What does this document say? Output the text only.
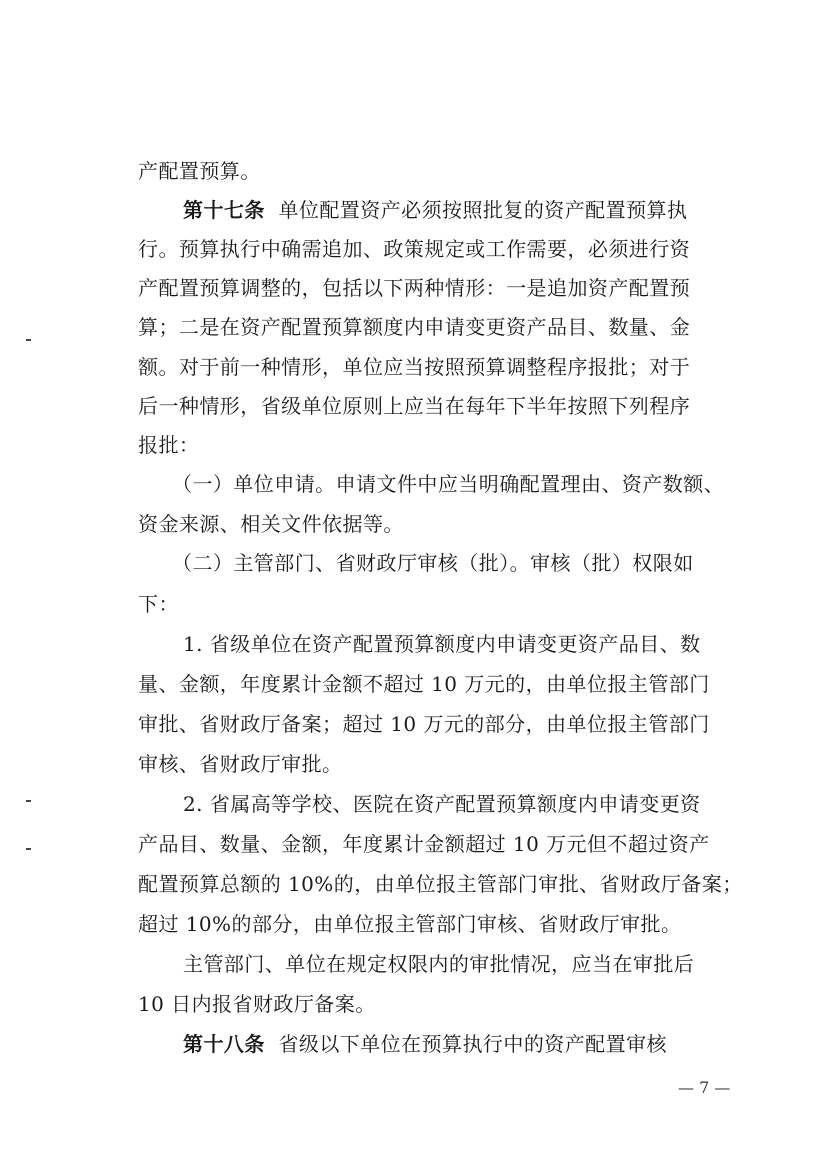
产配置预算。
第十七条 单位配置资产必须按照批复的资产配置预算执
行。预算执行中确需追加、政策规定或工作需要，必须进行资
产配置预算调整的，包括以下两种情形：一是追加资产配置预
算；二是在资产配置预算额度内申请变更资产品目、数量、金
额。对于前一种情形，单位应当按照预算调整程序报批；对于
后一种情形，省级单位原则上应当在每年下半年按照下列程序
报批：
（一）单位申请。申请文件中应当明确配置理由、资产数额、
资金来源、相关文件依据等。
（二）主管部门、省财政厅审核（批）。审核（批）权限如
下：
1. 省级单位在资产配置预算额度内申请变更资产品目、数
量、金额，年度累计金额不超过 10 万元的，由单位报主管部门
审批、省财政厅备案；超过 10 万元的部分，由单位报主管部门
审核、省财政厅审批。
2. 省属高等学校、医院在资产配置预算额度内申请变更资
产品目、数量、金额，年度累计金额超过 10 万元但不超过资产
配置预算总额的 10%的，由单位报主管部门审批、省财政厅备案；
超过 10%的部分，由单位报主管部门审核、省财政厅审批。
主管部门、单位在规定权限内的审批情况，应当在审批后
10 日内报省财政厅备案。
第十八条 省级以下单位在预算执行中的资产配置审核
— 7 —
